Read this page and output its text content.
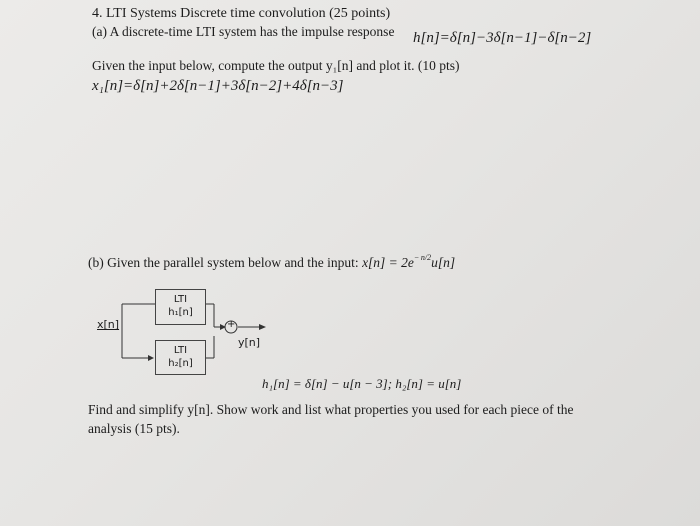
4. LTI Systems Discrete time convolution (25 points)
(a) A discrete-time LTI system has the impulse response h[n]=δ[n]−3δ[n−1]−δ[n−2]
Given the input below, compute the output y₁[n] and plot it. (10 pts)
x₁[n]=δ[n]+2δ[n−1]+3δ[n−2]+4δ[n−3]
(b) Given the parallel system below and the input: $x[n] = 2e^{- n/2}u[n]$
x[n]
LTI
h₁[n]
LTI
h₂[n]
+
y[n]
h₁[n] = δ[n] − u[n − 3]; h₂[n] = u[n]
Find and simplify y[n]. Show work and list what properties you used for each piece of the
analysis (15 pts).
